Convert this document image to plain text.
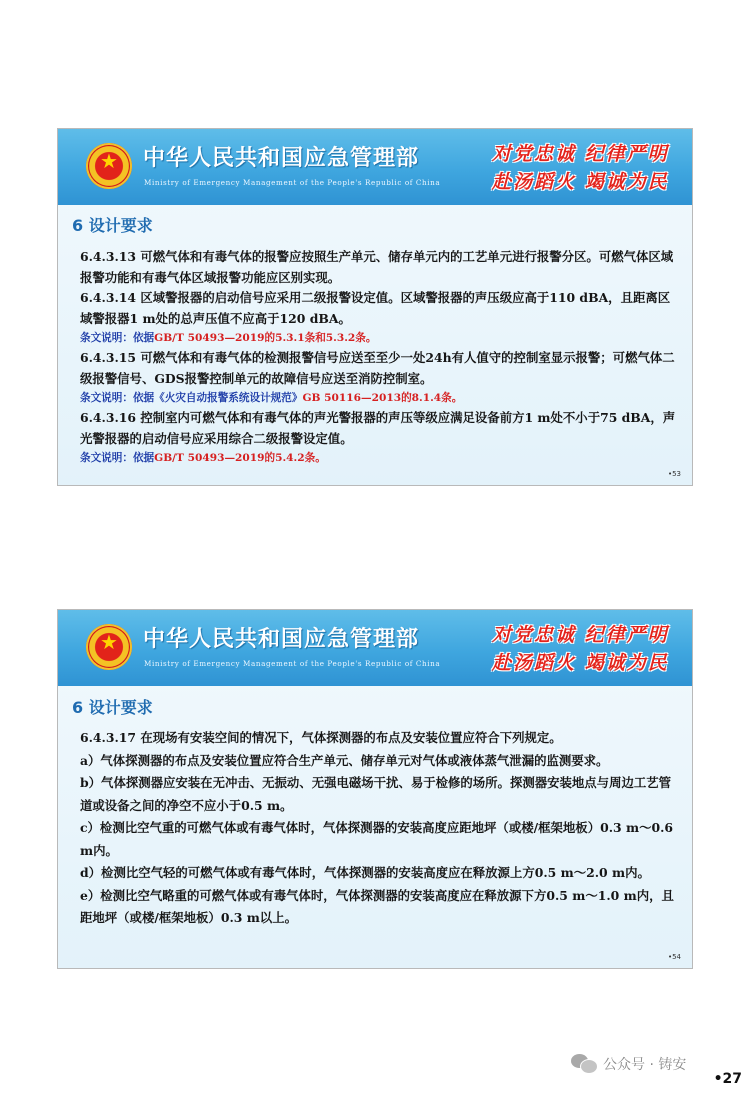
★	中华人民共和国应急管理部
Ministry of Emergency Management of the People's Republic of China
对党忠诚 纪律严明
赴汤蹈火 竭诚为民
6 设计要求

6.4.3.13 可燃气体和有毒气体的报警应按照生产单元、储存单元内的工艺单元进行报警分区。可燃气体区域报警功能和有毒气体区域报警功能应区别实现。

6.4.3.14 区域警报器的启动信号应采用二级报警设定值。区域警报器的声压级应高于110 dBA，且距离区域警报器1 m处的总声压值不应高于120 dBA。

条文说明：依据GB/T 50493—2019的5.3.1条和5.3.2条。

6.4.3.15 可燃气体和有毒气体的检测报警信号应送至至少一处24h有人值守的控制室显示报警；可燃气体二级报警信号、GDS报警控制单元的故障信号应送至消防控制室。

条文说明：依据《火灾自动报警系统设计规范》GB 50116—2013的8.1.4条。

6.4.3.16 控制室内可燃气体和有毒气体的声光警报器的声压等级应满足设备前方1 m处不小于75 dBA，声光警报器的启动信号应采用综合二级报警设定值。

条文说明：依据GB/T 50493—2019的5.4.2条。

•53
★	中华人民共和国应急管理部
Ministry of Emergency Management of the People's Republic of China
对党忠诚 纪律严明
赴汤蹈火 竭诚为民
6 设计要求

6.4.3.17 在现场有安装空间的情况下，气体探测器的布点及安装位置应符合下列规定。

a）气体探测器的布点及安装位置应符合生产单元、储存单元对气体或液体蒸气泄漏的监测要求。

b）气体探测器应安装在无冲击、无振动、无强电磁场干扰、易于检修的场所。探测器安装地点与周边工艺管道或设备之间的净空不应小于0.5 m。

c）检测比空气重的可燃气体或有毒气体时，气体探测器的安装高度应距地坪（或楼/框架地板）0.3 m～0.6 m内。

d）检测比空气轻的可燃气体或有毒气体时，气体探测器的安装高度应在释放源上方0.5 m～2.0 m内。

e）检测比空气略重的可燃气体或有毒气体时，气体探测器的安装高度应在释放源下方0.5 m～1.0 m内，且距地坪（或楼/框架地板）0.3 m以上。

•54
公众号 · 铸安
•27
